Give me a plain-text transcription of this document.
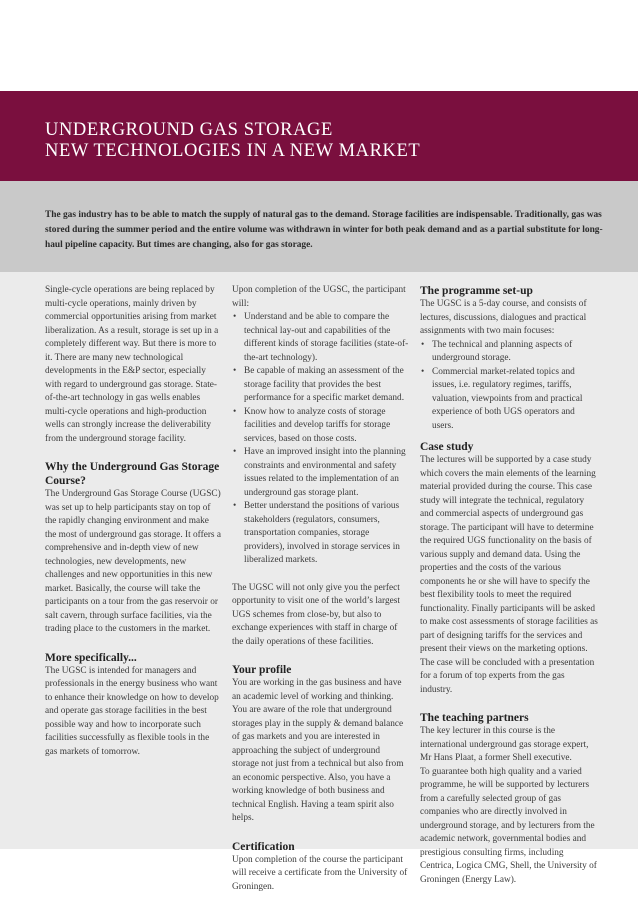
UNDERGROUND GAS STORAGE
NEW TECHNOLOGIES IN A NEW MARKET

The gas industry has to be able to match the supply of natural gas to the demand. Storage facilities are indispensable. Traditionally, gas was stored during the summer period and the entire volume was withdrawn in winter for both peak demand and as a partial substitute for long-haul pipeline capacity. But times are changing, also for gas storage.

Single-cycle operations are being replaced by multi-cycle operations, mainly driven by commercial opportunities arising from market liberalization. As a result, storage is set up in a completely different way. But there is more to it. There are many new technological developments in the E&P sector, especially with regard to underground gas storage. State-of-the-art technology in gas wells enables multi-cycle operations and high-production wells can strongly increase the deliverability from the underground storage facility.

Why the Underground Gas Storage Course?

The Underground Gas Storage Course (UGSC) was set up to help participants stay on top of the rapidly changing environment and make the most of underground gas storage. It offers a comprehensive and in-depth view of new technologies, new developments, new challenges and new opportunities in this new market. Basically, the course will take the participants on a tour from the gas reservoir or salt cavern, through surface facilities, via the trading place to the customers in the market.

More specifically...

The UGSC is intended for managers and professionals in the energy business who want to enhance their knowledge on how to develop and operate gas storage facilities in the best possible way and how to incorporate such facilities successfully as flexible tools in the gas markets of tomorrow.

Upon completion of the UGSC, the participant will:

• Understand and be able to compare the technical lay-out and capabilities of the different kinds of storage facilities (state-of-the-art technology).
• Be capable of making an assessment of the storage facility that provides the best performance for a specific market demand.
• Know how to analyze costs of storage facilities and develop tariffs for storage services, based on those costs.
• Have an improved insight into the planning constraints and environmental and safety issues related to the implementation of an underground gas storage plant.
• Better understand the positions of various stakeholders (regulators, consumers, transportation companies, storage providers), involved in storage services in liberalized markets.

The UGSC will not only give you the perfect opportunity to visit one of the world’s largest UGS schemes from close-by, but also to exchange experiences with staff in charge of the daily operations of these facilities.

Your profile

You are working in the gas business and have an academic level of working and thinking. You are aware of the role that underground storages play in the supply & demand balance of gas markets and you are interested in approaching the subject of underground storage not just from a technical but also from an economic perspective. Also, you have a working knowledge of both business and technical English. Having a team spirit also helps.

Certification

Upon completion of the course the participant will receive a certificate from the University of Groningen.

The programme set-up

The UGSC is a 5-day course, and consists of lectures, discussions, dialogues and practical assignments with two main focuses:

• The technical and planning aspects of underground storage.
• Commercial market-related topics and issues, i.e. regulatory regimes, tariffs, valuation, viewpoints from and practical experience of both UGS operators and users.
Case study

The lectures will be supported by a case study which covers the main elements of the learning material provided during the course. This case study will integrate the technical, regulatory and commercial aspects of underground gas storage. The participant will have to determine the required UGS functionality on the basis of various supply and demand data. Using the properties and the costs of the various components he or she will have to specify the best flexibility tools to meet the required functionality. Finally participants will be asked to make cost assessments of storage facilities as part of designing tariffs for the services and present their views on the marketing options. The case will be concluded with a presentation for a forum of top experts from the gas industry.

The teaching partners

The key lecturer in this course is the international underground gas storage expert, Mr Hans Plaat, a former Shell executive.

To guarantee both high quality and a varied programme, he will be supported by lecturers from a carefully selected group of gas companies who are directly involved in underground storage, and by lecturers from the academic network, governmental bodies and prestigious consulting firms, including Centrica, Logica CMG, Shell, the University of Groningen (Energy Law).
